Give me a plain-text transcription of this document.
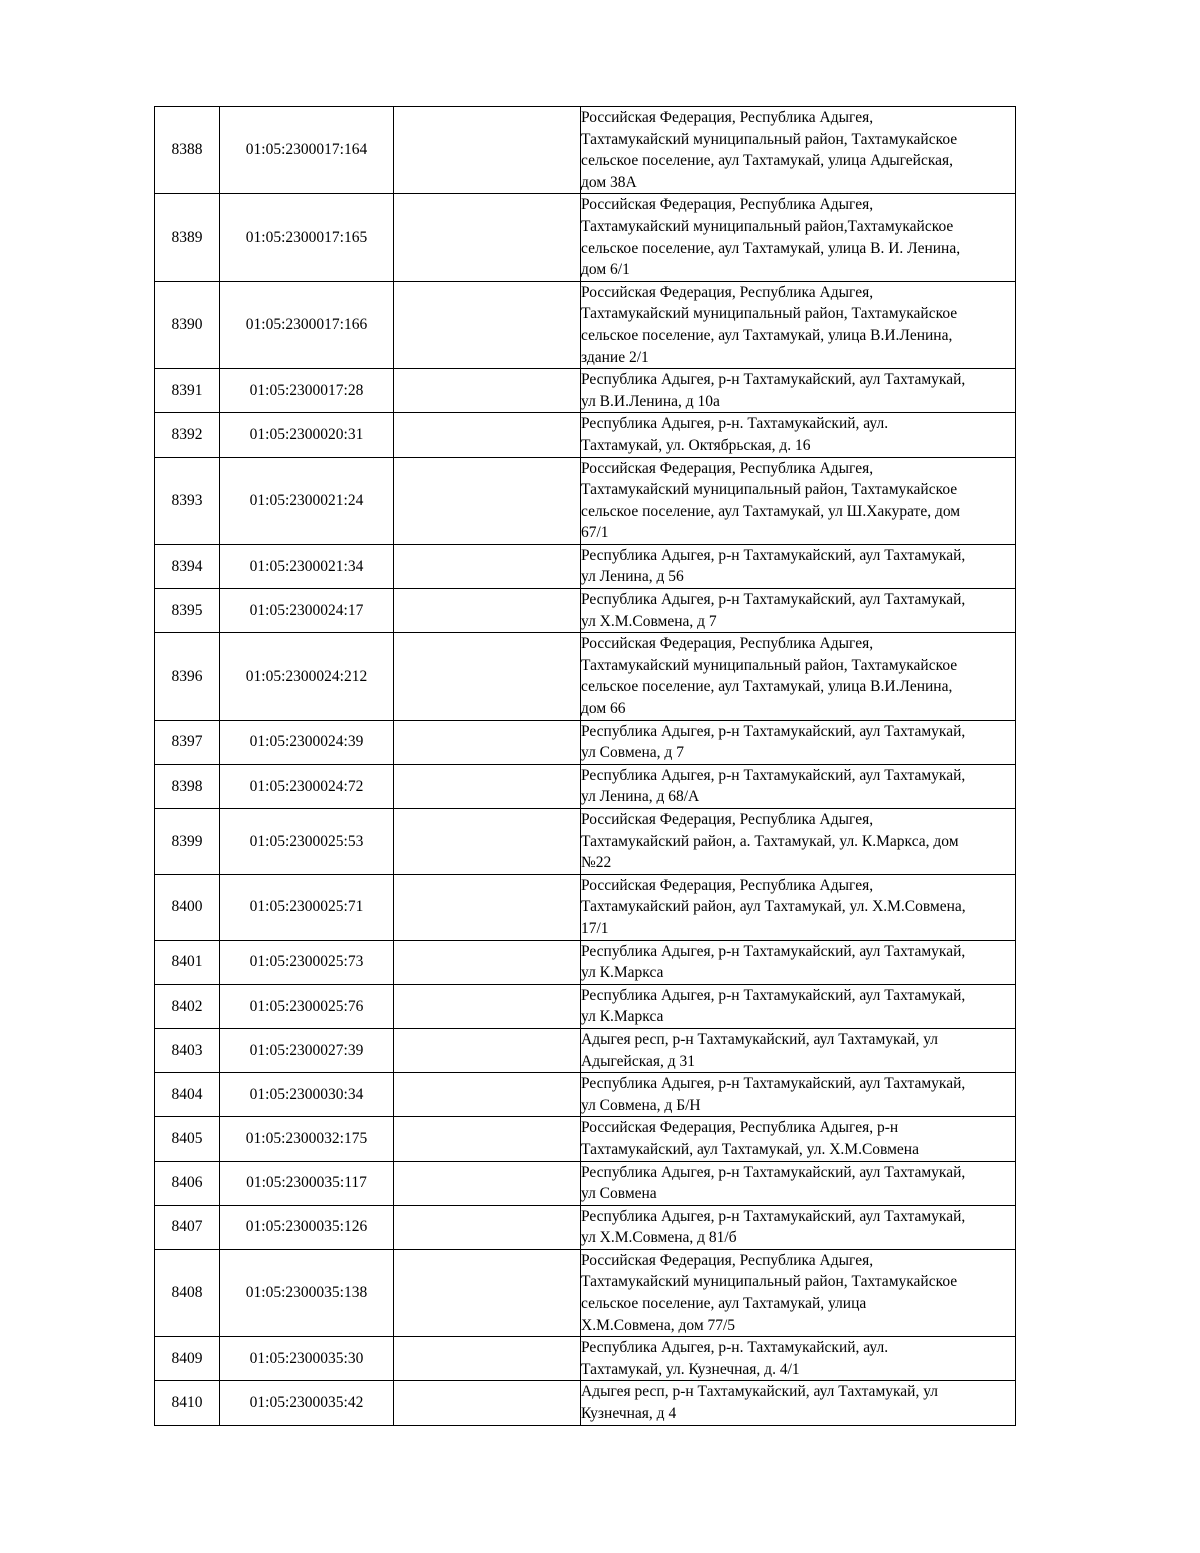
8388	01:05:2300017:164		Российская Федерация, Республика Адыгея,
Тахтамукайский муниципальный район, Тахтамукайское
сельское поселение, аул Тахтамукай, улица Адыгейская,
дом 38А

8389	01:05:2300017:165		Российская Федерация, Республика Адыгея,
Тахтамукайский муниципальный район,Тахтамукайское
сельское поселение, аул Тахтамукай, улица В. И. Ленина,
дом 6/1

8390	01:05:2300017:166		Российская Федерация, Республика Адыгея,
Тахтамукайский муниципальный район, Тахтамукайское
сельское поселение, аул Тахтамукай, улица В.И.Ленина,
здание 2/1

8391	01:05:2300017:28		Республика Адыгея, р-н Тахтамукайский, аул Тахтамукай,
ул В.И.Ленина, д 10а

8392	01:05:2300020:31		Республика Адыгея, р-н. Тахтамукайский, аул.
Тахтамукай, ул. Октябрьская, д. 16

8393	01:05:2300021:24		Российская Федерация, Республика Адыгея,
Тахтамукайский муниципальный район, Тахтамукайское
сельское поселение, аул Тахтамукай, ул Ш.Хакурате, дом
67/1

8394	01:05:2300021:34		Республика Адыгея, р-н Тахтамукайский, аул Тахтамукай,
ул Ленина, д 56

8395	01:05:2300024:17		Республика Адыгея, р-н Тахтамукайский, аул Тахтамукай,
ул Х.М.Совмена, д 7

8396	01:05:2300024:212		Российская Федерация, Республика Адыгея,
Тахтамукайский муниципальный район, Тахтамукайское
сельское поселение, аул Тахтамукай, улица В.И.Ленина,
дом 66

8397	01:05:2300024:39		Республика Адыгея, р-н Тахтамукайский, аул Тахтамукай,
ул Совмена, д 7

8398	01:05:2300024:72		Республика Адыгея, р-н Тахтамукайский, аул Тахтамукай,
ул Ленина, д 68/А

8399	01:05:2300025:53		Российская Федерация, Республика Адыгея,
Тахтамукайский район, а. Тахтамукай, ул. К.Маркса, дом
№22

8400	01:05:2300025:71		Российская Федерация, Республика Адыгея,
Тахтамукайский район, аул Тахтамукай, ул. Х.М.Совмена,
17/1

8401	01:05:2300025:73		Республика Адыгея, р-н Тахтамукайский, аул Тахтамукай,
ул К.Маркса

8402	01:05:2300025:76		Республика Адыгея, р-н Тахтамукайский, аул Тахтамукай,
ул К.Маркса

8403	01:05:2300027:39		Адыгея респ, р-н Тахтамукайский, аул Тахтамукай, ул
Адыгейская, д 31

8404	01:05:2300030:34		Республика Адыгея, р-н Тахтамукайский, аул Тахтамукай,
ул Совмена, д Б/Н

8405	01:05:2300032:175		Российская Федерация, Республика Адыгея, р-н
Тахтамукайский, аул Тахтамукай, ул. Х.М.Совмена

8406	01:05:2300035:117		Республика Адыгея, р-н Тахтамукайский, аул Тахтамукай,
ул Совмена

8407	01:05:2300035:126		Республика Адыгея, р-н Тахтамукайский, аул Тахтамукай,
ул Х.М.Совмена, д 81/б

8408	01:05:2300035:138		Российская Федерация, Республика Адыгея,
Тахтамукайский муниципальный район, Тахтамукайское
сельское поселение, аул Тахтамукай, улица
Х.М.Совмена, дом 77/5

8409	01:05:2300035:30		Республика Адыгея, р-н. Тахтамукайский, аул.
Тахтамукай, ул. Кузнечная, д. 4/1

8410	01:05:2300035:42		Адыгея респ, р-н Тахтамукайский, аул Тахтамукай, ул
Кузнечная, д 4
